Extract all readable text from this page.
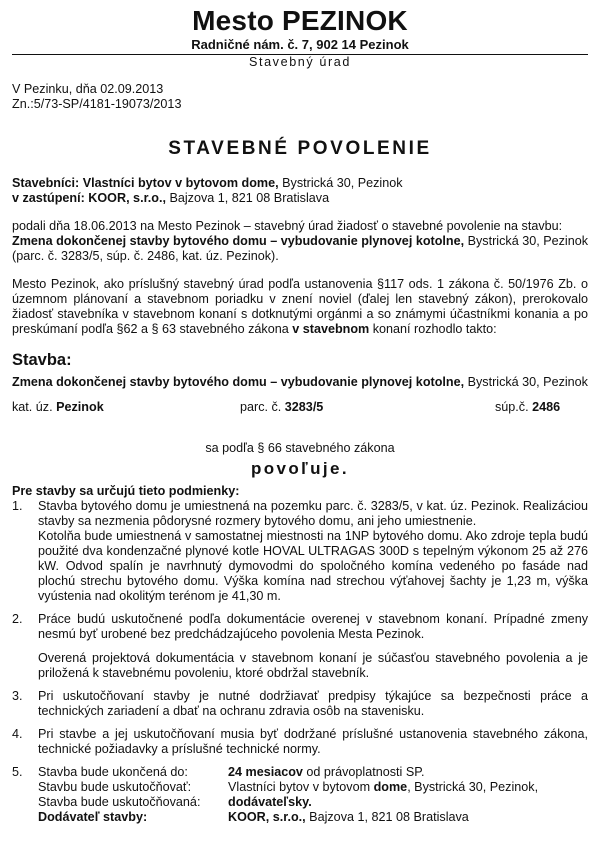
Mesto PEZINOK
Radničné nám. č. 7, 902 14 Pezinok
Stavebný úrad
V Pezinku, dňa 02.09.2013
Zn.:5/73-SP/4181-19073/2013
STAVEBNÉ POVOLENIE
Stavebníci: Vlastníci bytov v bytovom dome, Bystrická 30, Pezinok
v zastúpení: KOOR, s.r.o., Bajzova 1, 821 08 Bratislava

podali dňa 18.06.2013 na Mesto Pezinok – stavebný úrad žiadosť o stavebné povolenie na stavbu:
Zmena dokončenej stavby bytového domu – vybudovanie plynovej kotolne, Bystrická 30, Pezinok (parc. č. 3283/5, súp. č. 2486, kat. úz. Pezinok).

Mesto Pezinok, ako príslušný stavebný úrad podľa ustanovenia §117 ods. 1 zákona č. 50/1976 Zb. o územnom plánovaní a stavebnom poriadku v znení noviel (ďalej len stavebný zákon), prerokovalo žiadosť stavebníka v stavebnom konaní s dotknutými orgánmi a so známymi účastníkmi konania a po preskúmaní podľa §62 a § 63 stavebného zákona v stavebnom konaní rozhodlo takto:

Stavba:
Zmena dokončenej stavby bytového domu – vybudovanie plynovej kotolne, Bystrická 30, Pezinok
kat. úz. Pezinok	parc. č. 3283/5	súp.č. 2486
sa podľa § 66 stavebného zákona
povoľuje.
Pre stavby sa určujú tieto podmienky:
1.	Stavba bytového domu je umiestnená na pozemku parc. č. 3283/5, v kat. úz. Pezinok. Realizáciou stavby sa nezmenia pôdorysné rozmery bytového domu, ani jeho umiestnenie.

Kotolňa bude umiestnená v samostatnej miestnosti na 1NP bytového domu. Ako zdroje tepla budú použité dva kondenzačné plynové kotle HOVAL ULTRAGAS 300D s tepelným výkonom 25 až 276 kW. Odvod spalín je navrhnutý dymovodmi do spoločného komína vedeného po fasáde nad plochú strechu bytového domu. Výška komína nad strechou výťahovej šachty je 1,23 m, výška vyústenia nad okolitým terénom je 41,30 m.

2.	Práce budú uskutočnené podľa dokumentácie overenej v stavebnom konaní. Prípadné zmeny nesmú byť urobené bez predchádzajúceho povolenia Mesta Pezinok.

Overená projektová dokumentácia v stavebnom konaní je súčasťou stavebného povolenia a je priložená k stavebnému povoleniu, ktoré obdržal stavebník.

3.	Pri uskutočňovaní stavby je nutné dodržiavať predpisy týkajúce sa bezpečnosti práce a technických zariadení a dbať na ochranu zdravia osôb na stavenisku.

4.	Pri stavbe a jej uskutočňovaní musia byť dodržané príslušné ustanovenia stavebného zákona, technické požiadavky a príslušné technické normy.

5.	Stavba bude ukončená do:	24 mesiacov od právoplatnosti SP.
Stavbu bude uskutočňovať:	Vlastníci bytov v bytovom dome, Bystrická 30, Pezinok,
Stavba bude uskutočňovaná:	dodávateľsky.
Dodávateľ stavby:	KOOR, s.r.o., Bajzova 1, 821 08 Bratislava
